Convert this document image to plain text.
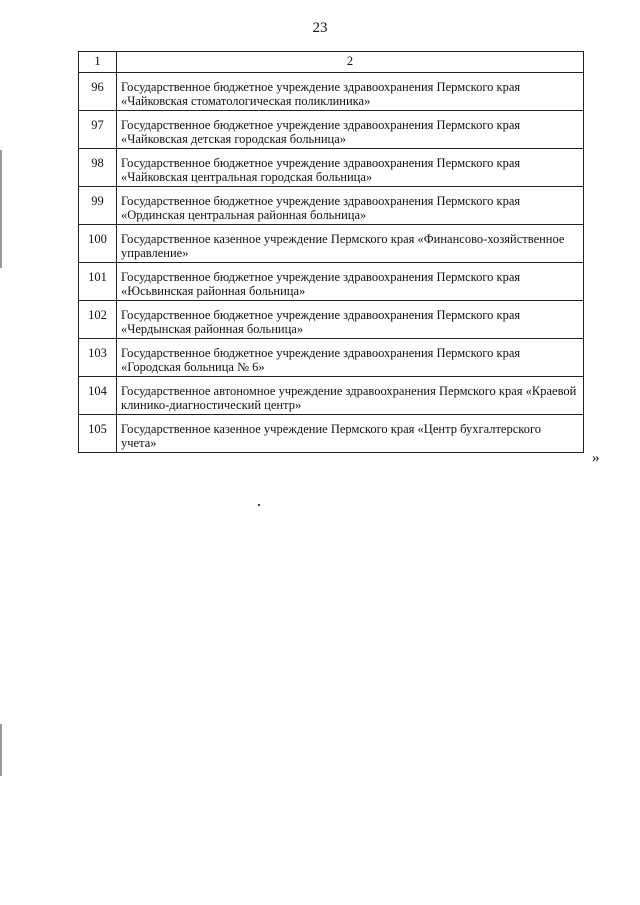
23
1	2
96	Государственное бюджетное учреждение здравоохранения Пермского края «Чайковская стоматологическая поликлиника»
97	Государственное бюджетное учреждение здравоохранения Пермского края «Чайковская детская городская больница»
98	Государственное бюджетное учреждение здравоохранения Пермского края «Чайковская центральная городская больница»
99	Государственное бюджетное учреждение здравоохранения Пермского края «Ординская центральная районная больница»
100	Государственное казенное учреждение Пермского края «Финансово-хозяйственное управление»
101	Государственное бюджетное учреждение здравоохранения Пермского края «Юсьвинская районная больница»
102	Государственное бюджетное учреждение здравоохранения Пермского края «Чердынская районная больница»
103	Государственное бюджетное учреждение здравоохранения Пермского края «Городская больница № 6»
104	Государственное автономное учреждение здравоохранения Пермского края «Краевой клинико-диагностический центр»
105	Государственное казенное учреждение Пермского края «Центр бухгалтерского учета»
»
